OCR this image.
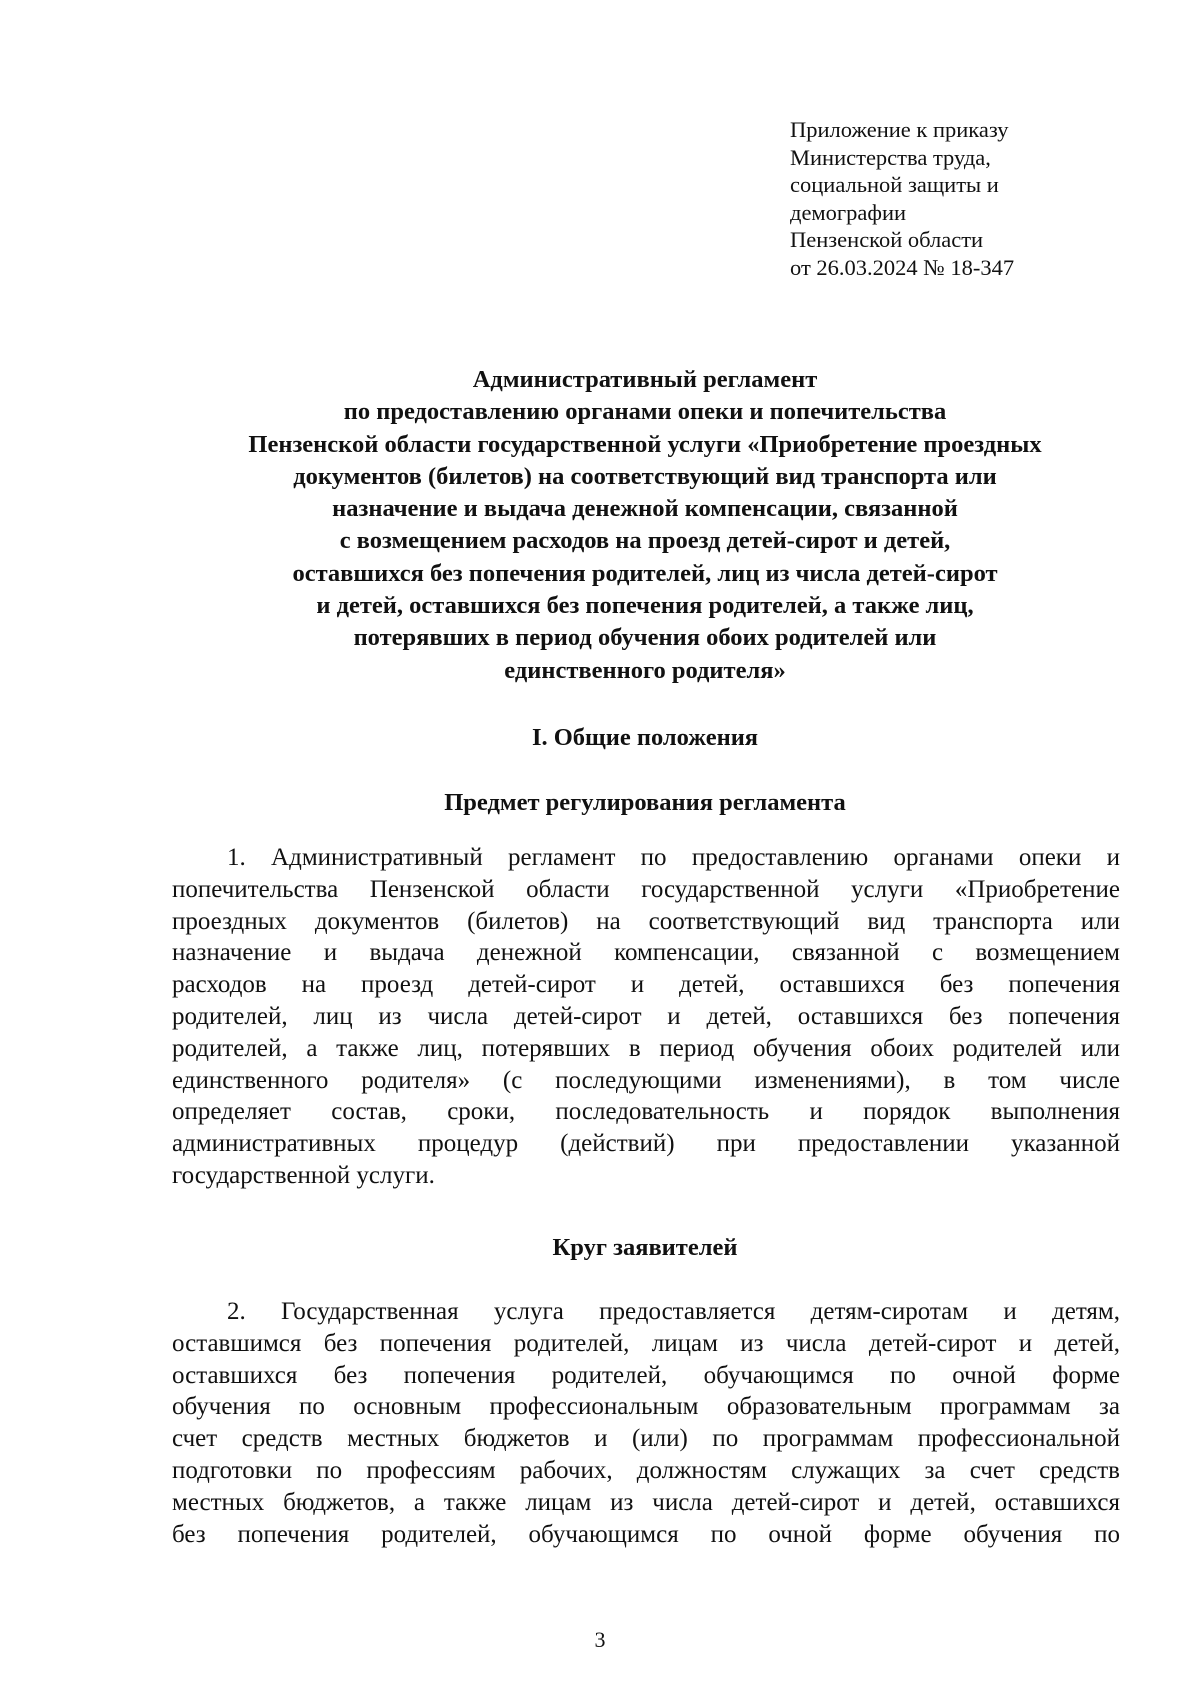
Приложение к приказу
Министерства труда,
социальной защиты и
демографии
Пензенской области
от 26.03.2024 № 18-347
Административный регламент
по предоставлению органами опеки и попечительства
Пензенской области государственной услуги «Приобретение проездных
документов (билетов) на соответствующий вид транспорта или
назначение и выдача денежной компенсации, связанной
с возмещением расходов на проезд детей-сирот и детей,
оставшихся без попечения родителей, лиц из числа детей-сирот
и детей, оставшихся без попечения родителей, а также лиц,
потерявших в период обучения обоих родителей или
единственного родителя»
I. Общие положения
Предмет регулирования регламента
1. Административный регламент по предоставлению органами опеки и
попечительства Пензенской области государственной услуги «Приобретение
проездных документов (билетов) на соответствующий вид транспорта или
назначение и выдача денежной компенсации, связанной с возмещением
расходов на проезд детей-сирот и детей, оставшихся без попечения
родителей, лиц из числа детей-сирот и детей, оставшихся без попечения
родителей, а также лиц, потерявших в период обучения обоих родителей или
единственного родителя» (с последующими изменениями), в том числе
определяет состав, сроки, последовательность и порядок выполнения
административных процедур (действий) при предоставлении указанной
государственной услуги.
Круг заявителей
2. Государственная услуга предоставляется детям-сиротам и детям,
оставшимся без попечения родителей, лицам из числа детей-сирот и детей,
оставшихся без попечения родителей, обучающимся по очной форме
обучения по основным профессиональным образовательным программам за
счет средств местных бюджетов и (или) по программам профессиональной
подготовки по профессиям рабочих, должностям служащих за счет средств
местных бюджетов, а также лицам из числа детей-сирот и детей, оставшихся
без попечения родителей, обучающимся по очной форме обучения по
3
